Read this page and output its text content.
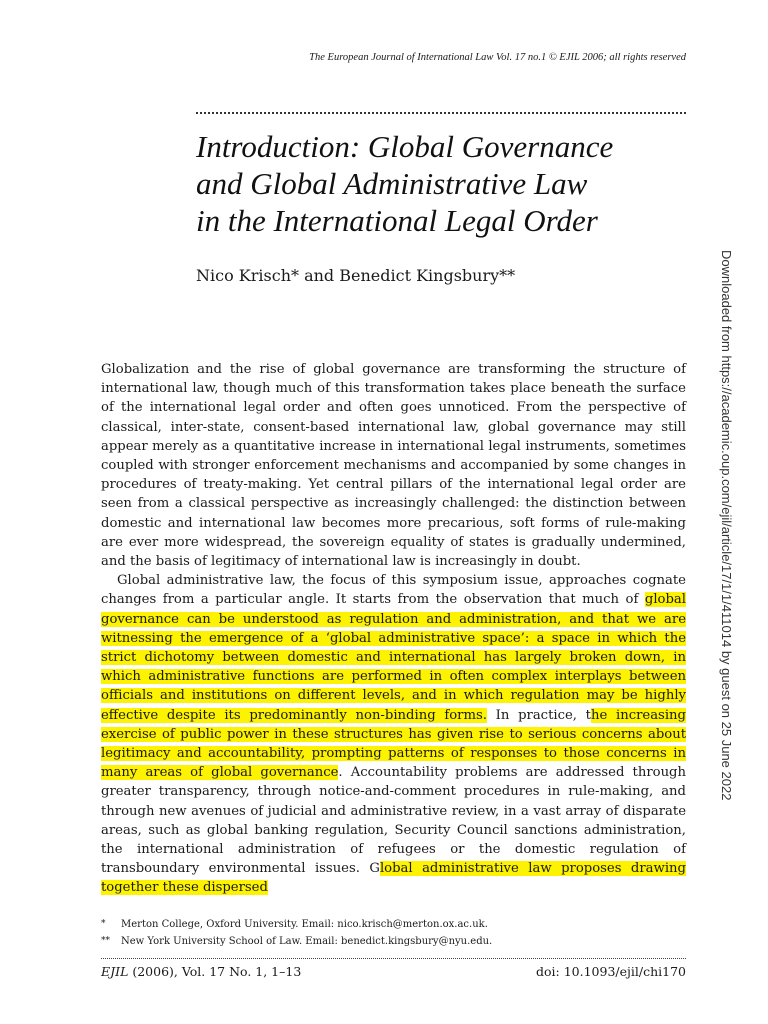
The European Journal of International Law Vol. 17 no.1 © EJIL 2006; all rights reserved
Introduction: Global Governance
and Global Administrative Law
in the International Legal Order
Nico Krisch* and Benedict Kingsbury**	Downloaded from https://academic.oup.com/ejil/article/17/1/1/411014 by guest on 25 June 2022

Globalization and the rise of global governance are transforming the structure of international law, though much of this transformation takes place beneath the surface of the international legal order and often goes unnoticed. From the perspective of classical, inter-state, consent-based international law, global governance may still appear merely as a quantitative increase in international legal instruments, sometimes coupled with stronger enforcement mechanisms and accompanied by some changes in procedures of treaty-making. Yet central pillars of the international legal order are seen from a classical perspective as increasingly challenged: the distinction between domestic and international law becomes more precarious, soft forms of rule-making are ever more widespread, the sovereign equality of states is gradually undermined, and the basis of legitimacy of international law is increasingly in doubt.

Global administrative law, the focus of this symposium issue, approaches cognate changes from a particular angle. It starts from the observation that much of global governance can be understood as regulation and administration, and that we are witnessing the emergence of a ‘global administrative space’: a space in which the strict dichotomy between domestic and international has largely broken down, in which administrative functions are performed in often complex interplays between officials and institutions on different levels, and in which regulation may be highly effective despite its predominantly non-binding forms. In practice, the increasing exercise of public power in these structures has given rise to serious concerns about legitimacy and accountability, prompting patterns of responses to those concerns in many areas of global governance. Accountability problems are addressed through greater transparency, through notice-and-comment procedures in rule-making, and through new avenues of judicial and administrative review, in a vast array of disparate areas, such as global banking regulation, Security Council sanctions administration, the international administration of refugees or the domestic regulation of transboundary environmental issues. Global administrative law proposes drawing together these dispersed

*	Merton College, Oxford University. Email: nico.krisch@merton.ox.ac.uk.
**	New York University School of Law. Email: benedict.kingsbury@nyu.edu.
EJIL (2006), Vol. 17 No. 1, 1–13	doi: 10.1093/ejil/chi170
